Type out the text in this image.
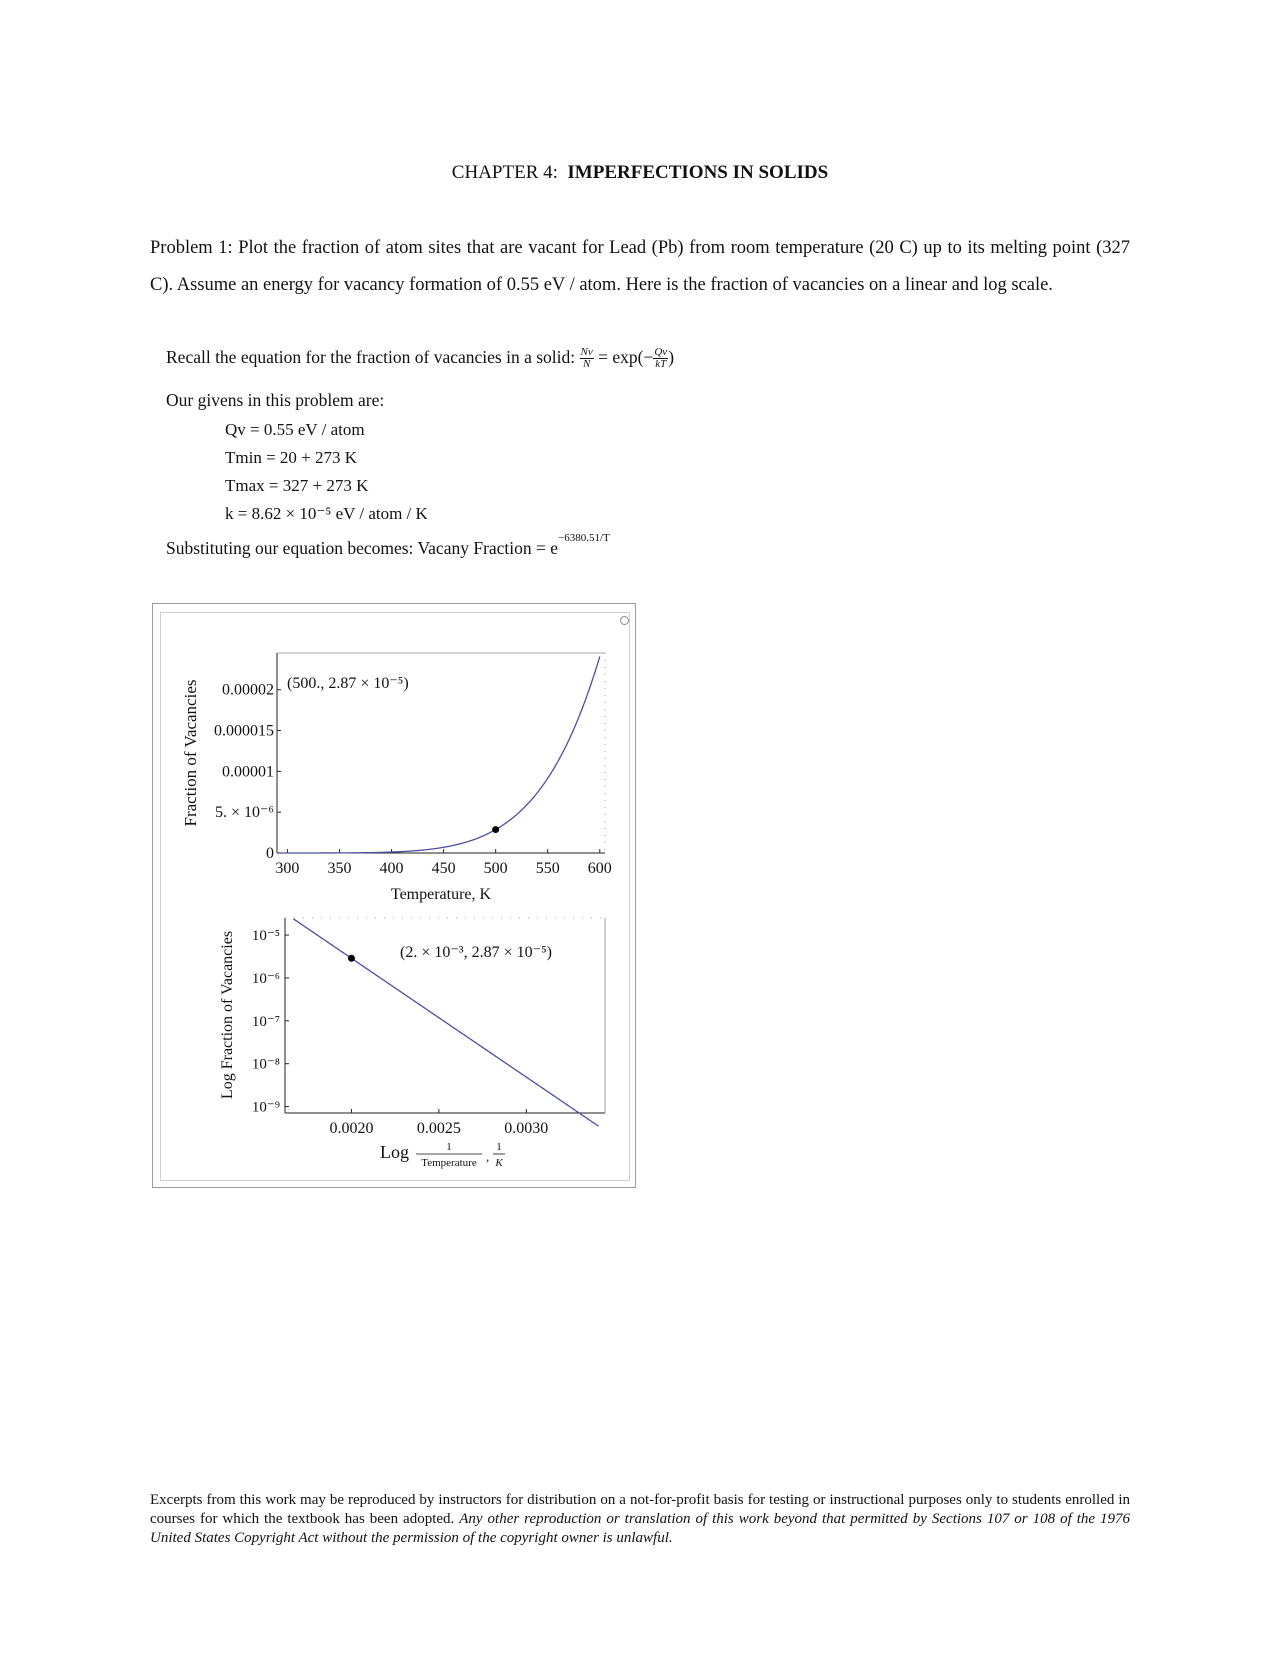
CHAPTER 4: IMPERFECTIONS IN SOLIDS
Problem 1: Plot the fraction of atom sites that are vacant for Lead (Pb) from room temperature (20 C) up to its melting point (327 C). Assume an energy for vacancy formation of 0.55 eV / atom. Here is the fraction of vacancies on a linear and log scale.
Recall the equation for the fraction of vacancies in a solid: $\frac{Nv}{N} = \exp(- \frac{Qv}{kT}$ )
Our givens in this problem are:
Qv = 0.55 eV / atom
Tmin = 20 + 273 K
Tmax = 327 + 273 K
k = 8.62 × 10⁻⁵ eV / atom / K
Substituting our equation becomes: Vacany Fraction = $e^{-6380.51/T}$
300 350 400 450 500 550 600
0
5. × 10⁻⁶
0.00001
0.000015
0.00002 (500., 2.87 × 10⁻⁵)
Fraction of Vacancies
Temperature, K
0.0020	0.0025	0.0030
10⁻⁵
10⁻⁶
10⁻⁷
10⁻⁸
10⁻⁹
(2. × 10⁻³, 2.87 × 10⁻⁵)
Log Fraction of Vacancies
Log	1
Temperature ,
1
K
Excerpts from this work may be reproduced by instructors for distribution on a not-for-profit basis for testing or instructional purposes only to students enrolled in courses for which the textbook has been adopted. Any other reproduction or translation of this work beyond that permitted by Sections 107 or 108 of the 1976 United States Copyright Act without the permission of the copyright owner is unlawful.
